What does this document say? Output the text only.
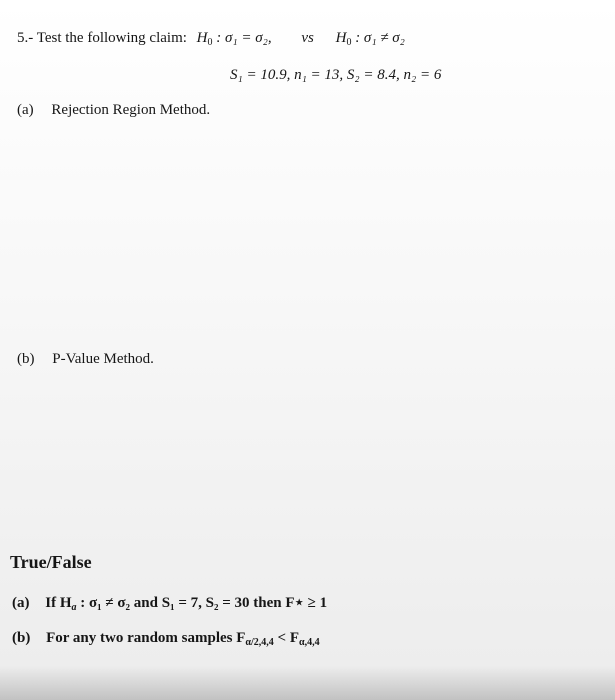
5.- Test the following claim: $H_0$ : σ₁ = σ₂, vs $H_0$ : σ₁ ≠ σ₂
S₁ = 10.9, n₁ = 13, S₂ = 8.4, n₂ = 6
(a) Rejection Region Method.
(b) P-Value Method.
True/False
(a) If $H_a$ : σ₁ ≠ σ₂ and S₁ = 7, S₂ = 30 then F⋆ ≥ 1
(b) For any two random samples $F_{\alpha/2,4,4} < F_{\alpha,4,4}$
